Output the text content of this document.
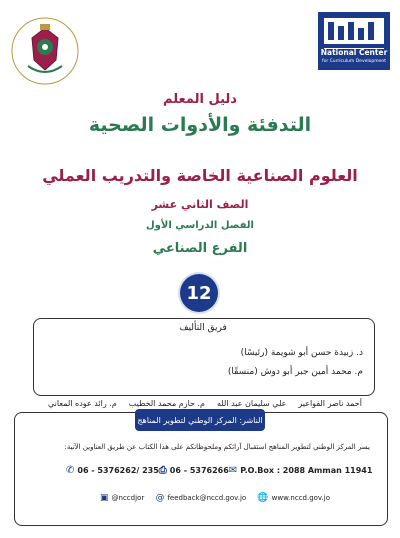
National Center
for Curriculum Development
دليل المعلم
التدفئة والأدوات الصحية
العلوم الصناعية الخاصة والتدريب العملي
الصف الثاني عشر
الفصل الدراسي الأول
الفرع الصناعي
12
فريق التأليف
د. زبيدة حسن أبو شويمة (رئيسًا)
م. محمد أمين جبر أبو دوش (منسقًا)
م. رائد عوده المعاني م. حازم محمد الخطيب علي سليمان عبد الله أحمد ناصر الفواعير
الناشر: المركز الوطني لتطوير المناهج
يسر المركز الوطني لتطوير المناهج استقبال آرائكم وملحوظاتكم على هذا الكتاب عن طريق العناوين الآتية:
✆ 06 - 5376262/ 235 ⎙ 06 - 5376266 ✉ P.O.Box : 2088 Amman 11941
▣ @nccdjor @ feedback@nccd.gov.jo 🌐 www.nccd.gov.jo
